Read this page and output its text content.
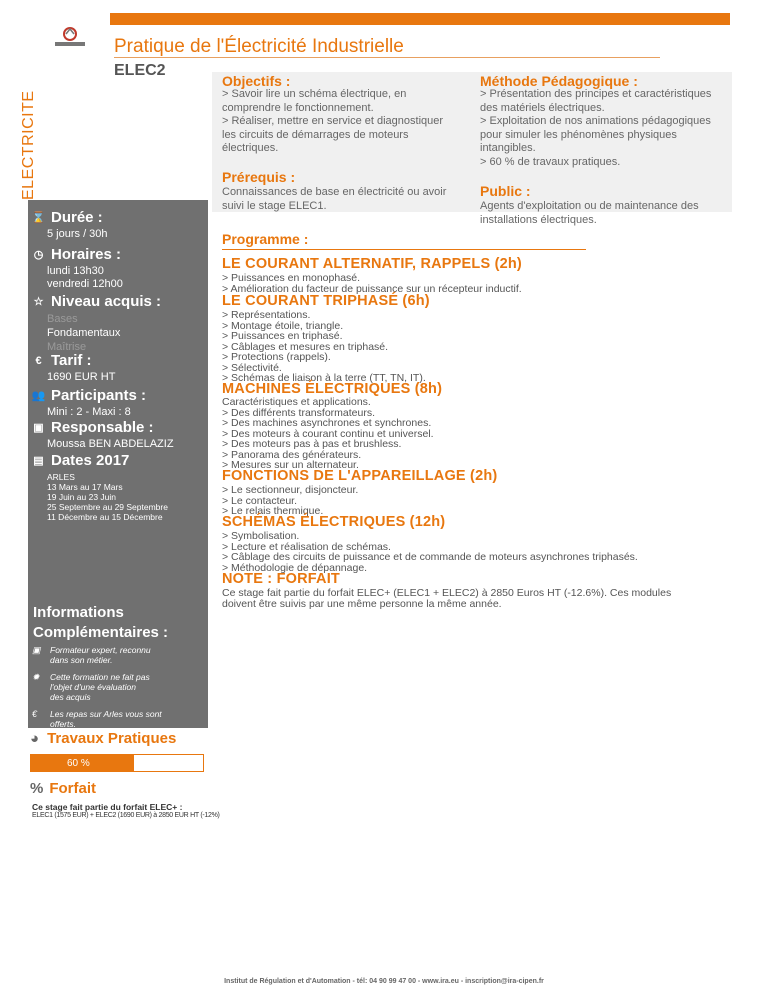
ELECTRICITE
Pratique de l'Électricité Industrielle
ELEC2
⌛ Durée :
5 jours / 30h
◷ Horaires :
lundi 13h30
vendredi 12h00
☆ Niveau acquis :
Bases
Fondamentaux
Maîtrise
€ Tarif :
1690 EUR HT
👥 Participants :
Mini : 2 - Maxi : 8
▣ Responsable :
Moussa BEN ABDELAZIZ
▤ Dates 2017
ARLES
13 Mars au 17 Mars
19 Juin au 23 Juin
25 Septembre au 29 Septembre
11 Décembre au 15 Décembre
Informations
Complémentaires :
▣	Formateur expert, reconnu
dans son métier.
✹	Cette formation ne fait pas
l'objet d'une évaluation
des acquis
€	Les repas sur Arles vous sont
offerts.
◕ Travaux Pratiques
60 %
% Forfait
Ce stage fait partie du forfait ELEC+ :
ELEC1 (1575 EUR) + ELEC2 (1690 EUR) à 2850 EUR HT (-12%)
Objectifs :
> Savoir lire un schéma électrique, en
comprendre le fonctionnement.
> Réaliser, mettre en service et diagnostiquer
les circuits de démarrages de moteurs
électriques.
Méthode Pédagogique :
> Présentation des principes et caractéristiques
des matériels électriques.
> Exploitation de nos animations pédagogiques
pour simuler les phénomènes physiques
intangibles.
> 60 % de travaux pratiques.
Prérequis :
Connaissances de base en électricité ou avoir
suivi le stage ELEC1.
Public :
Agents d'exploitation ou de maintenance des
installations électriques.
Programme :
LE COURANT ALTERNATIF, RAPPELS (2h)
> Puissances en monophasé.
> Amélioration du facteur de puissance sur un récepteur inductif.
LE COURANT TRIPHASÉ (6h)
> Représentations.
> Montage étoile, triangle.
> Puissances en triphasé.
> Câblages et mesures en triphasé.
> Protections (rappels).
> Sélectivité.
> Schémas de liaison à la terre (TT, TN, IT).
MACHINES ÉLECTRIQUES (8h)
Caractéristiques et applications.
> Des différents transformateurs.
> Des machines asynchrones et synchrones.
> Des moteurs à courant continu et universel.
> Des moteurs pas à pas et brushless.
> Panorama des générateurs.
> Mesures sur un alternateur.
FONCTIONS DE L'APPAREILLAGE (2h)
> Le sectionneur, disjoncteur.
> Le contacteur.
> Le relais thermique.
SCHÉMAS ÉLECTRIQUES (12h)
> Symbolisation.
> Lecture et réalisation de schémas.
> Câblage des circuits de puissance et de commande de moteurs asynchrones triphasés.
> Méthodologie de dépannage.
NOTE : FORFAIT
Ce stage fait partie du forfait ELEC+ (ELEC1 + ELEC2) à 2850 Euros HT (-12.6%). Ces modules
doivent être suivis par une même personne la même année.
Institut de Régulation et d'Automation - tél: 04 90 99 47 00 - www.ira.eu - inscription@ira-cipen.fr
